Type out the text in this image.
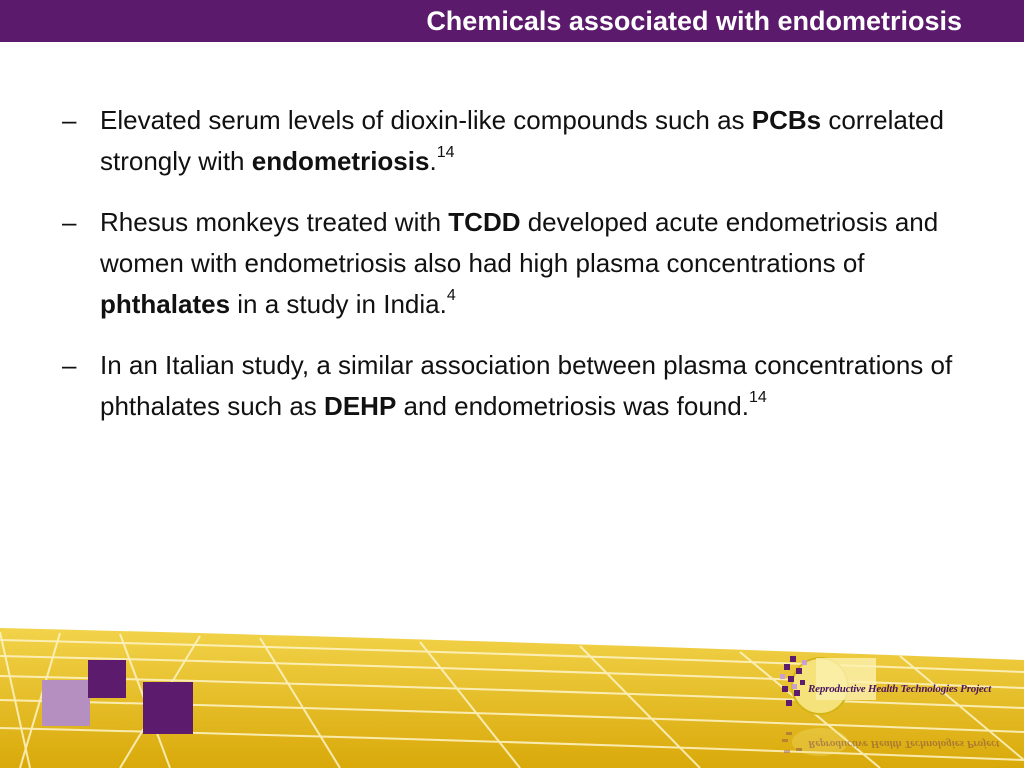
Chemicals associated with endometriosis
– Elevated serum levels of dioxin-like compounds such as PCBs correlated strongly with endometriosis.$^{14}$
– Rhesus monkeys treated with TCDD developed acute endometriosis and women with endometriosis also had high plasma concentrations of phthalates in a study in India.$^4$
– In an Italian study, a similar association between plasma concentrations of phthalates such as DEHP and endometriosis was found.$^{14}$
Reproductive Health Technologies Project
Reproductive Health Technologies Project
